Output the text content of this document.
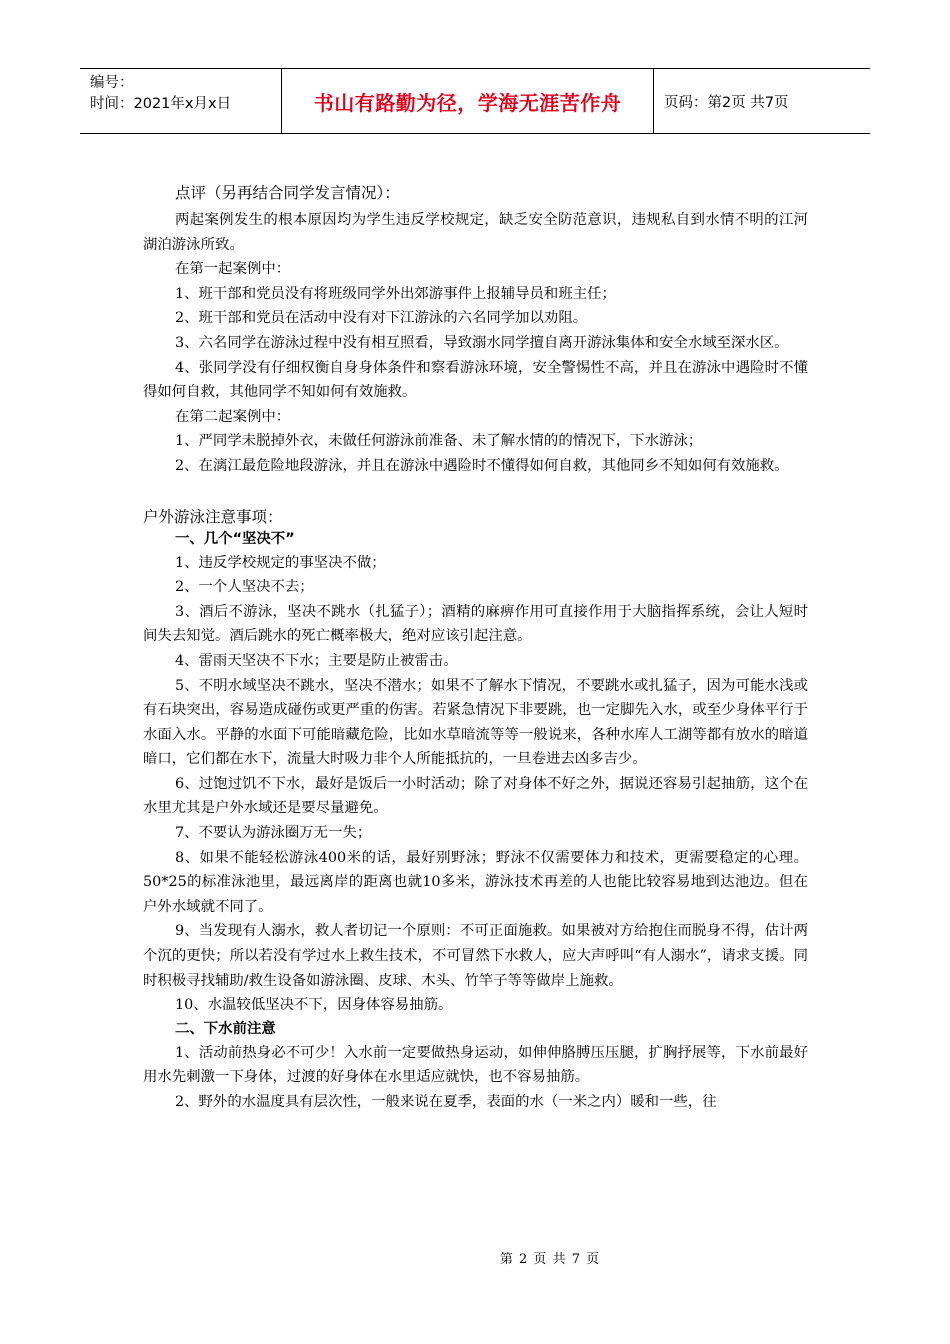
编号：
时间：2021年x月x日	书山有路勤为径，学海无涯苦作舟	页码：第2页 共7页

点评（另再结合同学发言情况）：

两起案例发生的根本原因均为学生违反学校规定，缺乏安全防范意识，违规私自到水情不明的江河湖泊游泳所致。

在第一起案例中：

1、班干部和党员没有将班级同学外出郊游事件上报辅导员和班主任；

2、班干部和党员在活动中没有对下江游泳的六名同学加以劝阻。

3、六名同学在游泳过程中没有相互照看，导致溺水同学擅自离开游泳集体和安全水域至深水区。

4、张同学没有仔细权衡自身身体条件和察看游泳环境，安全警惕性不高，并且在游泳中遇险时不懂得如何自救，其他同学不知如何有效施救。

在第二起案例中：

1、严同学未脱掉外衣，未做任何游泳前准备、未了解水情的的情况下，下水游泳；

2、在漓江最危险地段游泳，并且在游泳中遇险时不懂得如何自救，其他同乡不知如何有效施救。

户外游泳注意事项：

一、几个“坚决不”

1、违反学校规定的事坚决不做；

2、一个人坚决不去；

3、酒后不游泳，坚决不跳水（扎猛子）；酒精的麻痹作用可直接作用于大脑指挥系统，会让人短时间失去知觉。酒后跳水的死亡概率极大，绝对应该引起注意。

4、雷雨天坚决不下水；主要是防止被雷击。

5、不明水域坚决不跳水，坚决不潜水；如果不了解水下情况，不要跳水或扎猛子，因为可能水浅或有石块突出，容易造成碰伤或更严重的伤害。若紧急情况下非要跳，也一定脚先入水，或至少身体平行于水面入水。平静的水面下可能暗藏危险，比如水草暗流等等一般说来，各种水库人工湖等都有放水的暗道暗口，它们都在水下，流量大时吸力非个人所能抵抗的，一旦卷进去凶多吉少。

6、过饱过饥不下水，最好是饭后一小时活动；除了对身体不好之外，据说还容易引起抽筋，这个在水里尤其是户外水域还是要尽量避免。

7、不要认为游泳圈万无一失；

8、如果不能轻松游泳400米的话，最好别野泳；野泳不仅需要体力和技术，更需要稳定的心理。50*25的标准泳池里，最远离岸的距离也就10多米，游泳技术再差的人也能比较容易地到达池边。但在户外水域就不同了。

9、当发现有人溺水，救人者切记一个原则：不可正面施救。如果被对方给抱住而脱身不得，估计两个沉的更快；所以若没有学过水上救生技术，不可冒然下水救人，应大声呼叫“有人溺水”，请求支援。同时积极寻找辅助/救生设备如游泳圈、皮球、木头、竹竿子等等做岸上施救。

10、水温较低坚决不下，因身体容易抽筋。

二、下水前注意

1、活动前热身必不可少！入水前一定要做热身运动，如伸伸胳膊压压腿，扩胸抒展等，下水前最好用水先刺激一下身体，过渡的好身体在水里适应就快，也不容易抽筋。

2、野外的水温度具有层次性，一般来说在夏季，表面的水（一米之内）暖和一些，往

第 2 页 共 7 页
